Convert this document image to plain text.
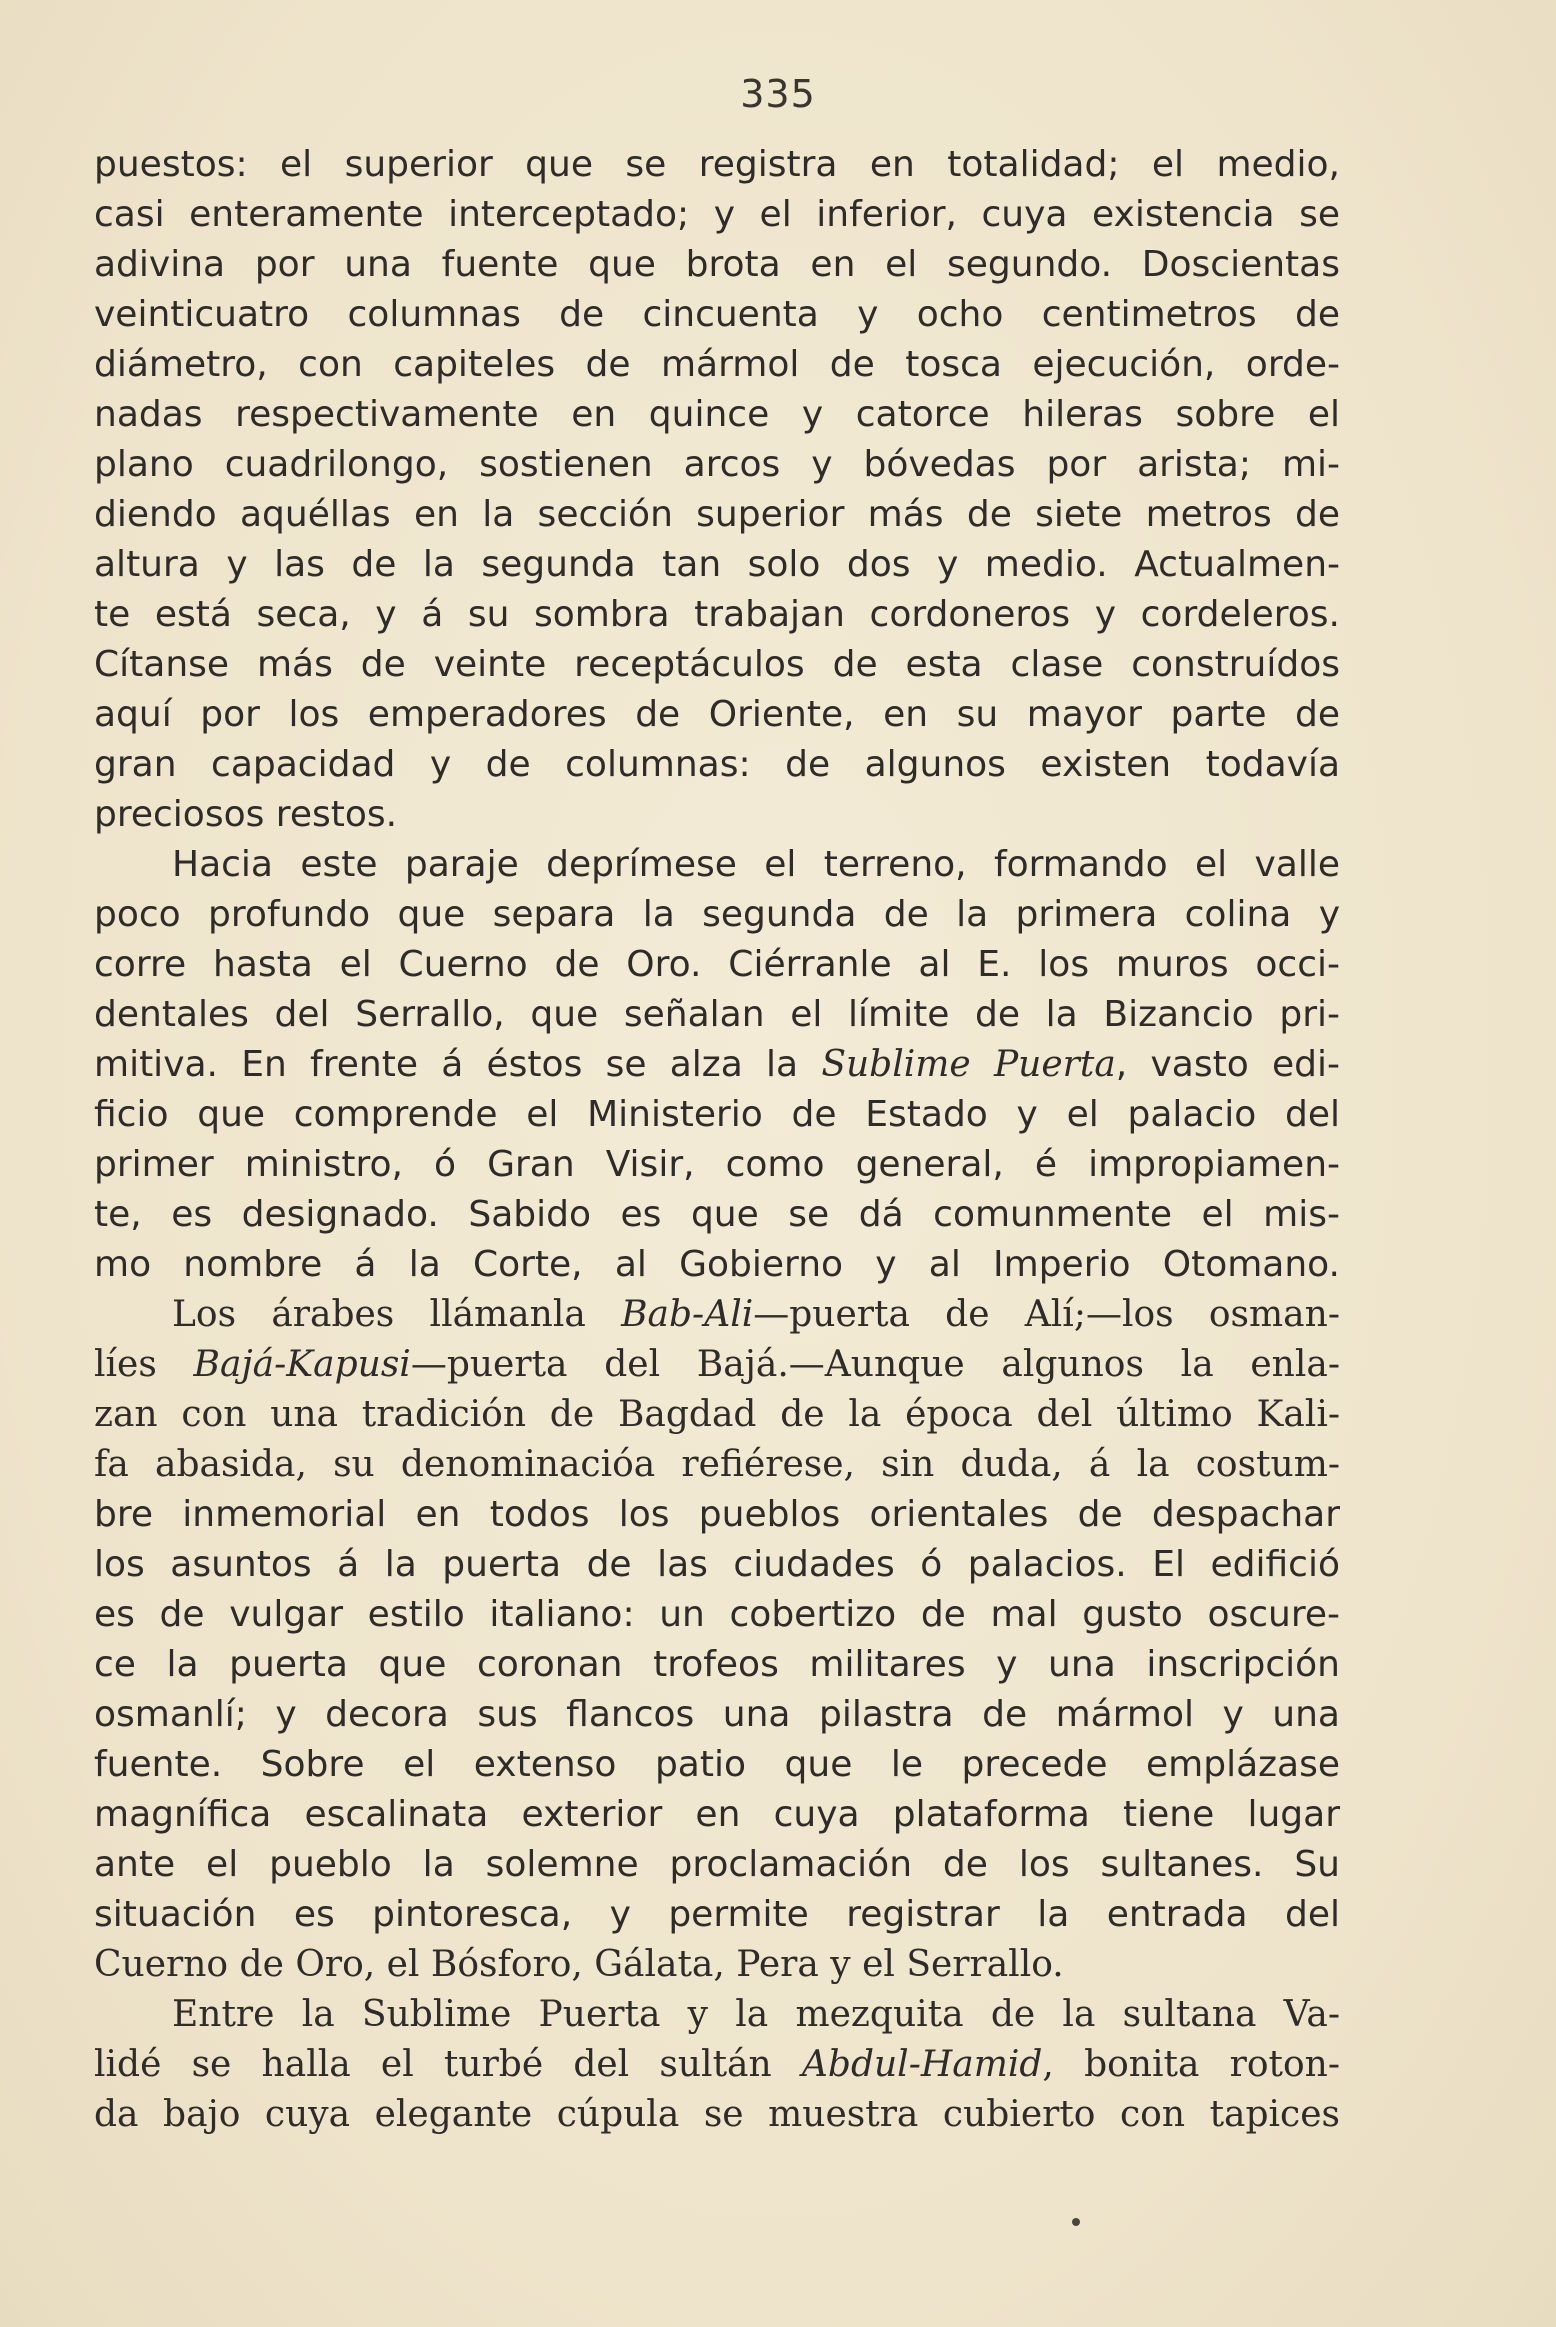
335
puestos: el superior que se registra en totalidad; el medio,
casi enteramente interceptado; y el inferior, cuya existencia se
adivina por una fuente que brota en el segundo. Doscientas
veinticuatro columnas de cincuenta y ocho centimetros de
diámetro, con capiteles de mármol de tosca ejecución, orde-
nadas respectivamente en quince y catorce hileras sobre el
plano cuadrilongo, sostienen arcos y bóvedas por arista; mi-
diendo aquéllas en la sección superior más de siete metros de
altura y las de la segunda tan solo dos y medio. Actualmen-
te está seca, y á su sombra trabajan cordoneros y cordeleros.
Cítanse más de veinte receptáculos de esta clase construídos
aquí por los emperadores de Oriente, en su mayor parte de
gran capacidad y de columnas: de algunos existen todavía
preciosos restos.
Hacia este paraje deprímese el terreno, formando el valle
poco profundo que separa la segunda de la primera colina y
corre hasta el Cuerno de Oro. Ciérranle al E. los muros occi-
dentales del Serrallo, que señalan el límite de la Bizancio pri-
mitiva. En frente á éstos se alza la Sublime Puerta, vasto edi-
ficio que comprende el Ministerio de Estado y el palacio del
primer ministro, ó Gran Visir, como general, é impropiamen-
te, es designado. Sabido es que se dá comunmente el mis-
mo nombre á la Corte, al Gobierno y al Imperio Otomano.
Los árabes llámanla Bab-Ali—puerta de Alí;—los osman-
líes Bajá-Kapusi—puerta del Bajá.—Aunque algunos la enla-
zan con una tradición de Bagdad de la época del último Kali-
fa abasida, su denominacióa refiérese, sin duda, á la costum-
bre inmemorial en todos los pueblos orientales de despachar
los asuntos á la puerta de las ciudades ó palacios. El edifició
es de vulgar estilo italiano: un cobertizo de mal gusto oscure-
ce la puerta que coronan trofeos militares y una inscripción
osmanlí; y decora sus flancos una pilastra de mármol y una
fuente. Sobre el extenso patio que le precede emplázase
magnífica escalinata exterior en cuya plataforma tiene lugar
ante el pueblo la solemne proclamación de los sultanes. Su
situación es pintoresca, y permite registrar la entrada del
Cuerno de Oro, el Bósforo, Gálata, Pera y el Serrallo.
Entre la Sublime Puerta y la mezquita de la sultana Va-
lidé se halla el turbé del sultán Abdul-Hamid, bonita roton-
da bajo cuya elegante cúpula se muestra cubierto con tapices
